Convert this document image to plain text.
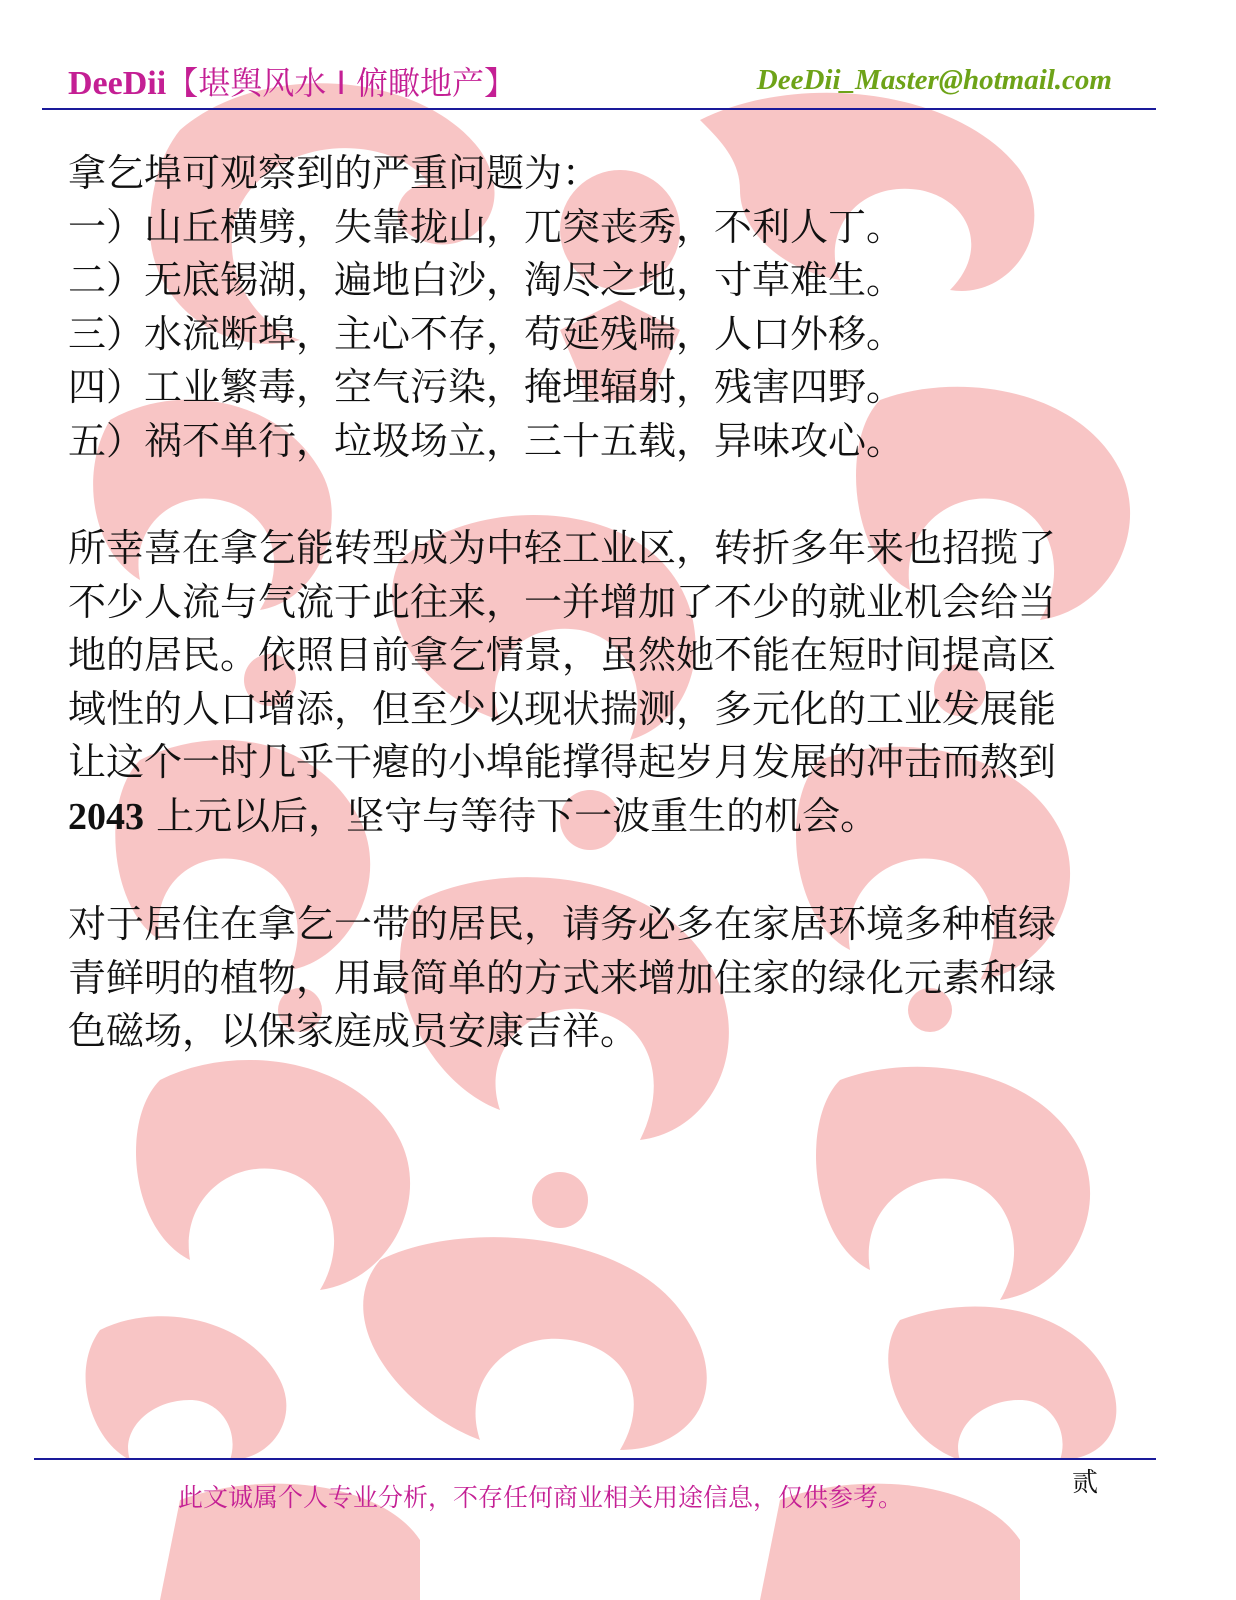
DeeDii【堪舆风水 I 俯瞰地产】	DeeDii_Master@hotmail.com

拿乞埠可观察到的严重问题为：

一）山丘横劈，失靠拢山，兀突丧秀，不利人丁。

二）无底锡湖，遍地白沙，淘尽之地，寸草难生。

三）水流断埠，主心不存，苟延残喘，人口外移。

四）工业繁毒，空气污染，掩埋辐射，残害四野。

五）祸不单行，垃圾场立，三十五载，异味攻心。

所幸喜在拿乞能转型成为中轻工业区，转折多年来也招揽了

不少人流与气流于此往来，一并增加了不少的就业机会给当

地的居民。依照目前拿乞情景，虽然她不能在短时间提高区

域性的人口增添，但至少以现状揣测，多元化的工业发展能

让这个一时几乎干瘪的小埠能撑得起岁月发展的冲击而熬到

2043 上元以后，坚守与等待下一波重生的机会。

对于居住在拿乞一带的居民，请务必多在家居环境多种植绿

青鲜明的植物，用最简单的方式来增加住家的绿化元素和绿

色磁场，以保家庭成员安康吉祥。

此文诚属个人专业分析，不存任何商业相关用途信息，仅供参考。	贰
